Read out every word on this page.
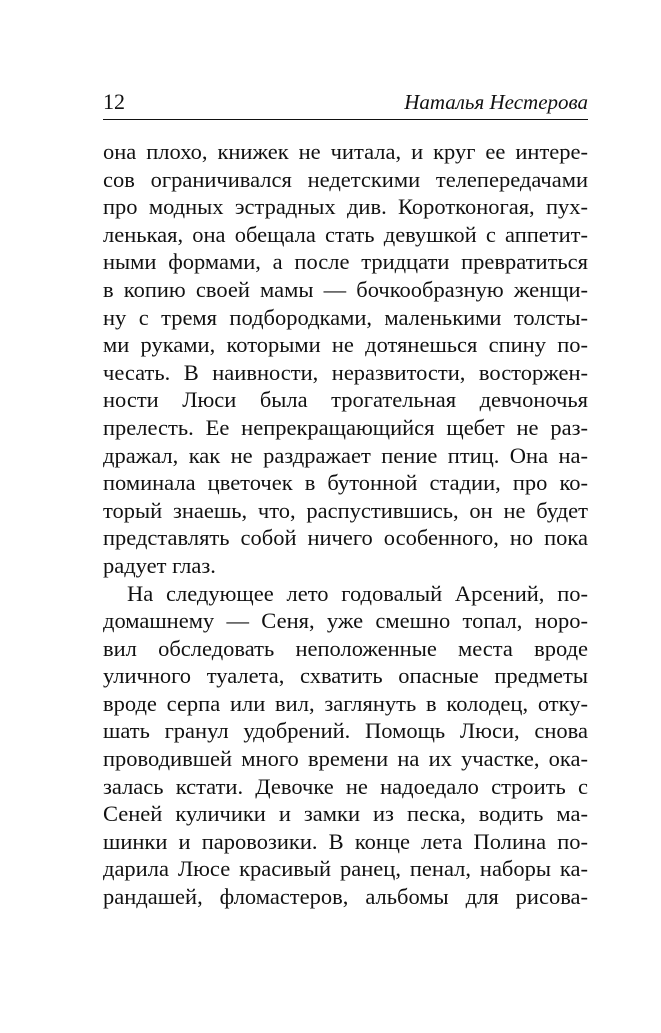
12	Наталья Нестерова
она плохо, книжек не читала, и круг ее интере-
сов ограничивался недетскими телепередачами
про модных эстрадных див. Коротконогая, пух-
ленькая, она обещала стать девушкой с аппетит-
ными формами, а после тридцати превратиться
в копию своей мамы — бочкообразную женщи-
ну с тремя подбородками, маленькими толсты-
ми руками, которыми не дотянешься спину по-
чесать. В наивности, неразвитости, восторжен-
ности Люси была трогательная девчоночья
прелесть. Ее непрекращающийся щебет не раз-
дражал, как не раздражает пение птиц. Она на-
поминала цветочек в бутонной стадии, про ко-
торый знаешь, что, распустившись, он не будет
представлять собой ничего особенного, но пока
радует глаз.
На следующее лето годовалый Арсений, по-
домашнему — Сеня, уже смешно топал, норо-
вил обследовать неположенные места вроде
уличного туалета, схватить опасные предметы
вроде серпа или вил, заглянуть в колодец, отку-
шать гранул удобрений. Помощь Люси, снова
проводившей много времени на их участке, ока-
залась кстати. Девочке не надоедало строить с
Сеней куличики и замки из песка, водить ма-
шинки и паровозики. В конце лета Полина по-
дарила Люсе красивый ранец, пенал, наборы ка-
рандашей, фломастеров, альбомы для рисова-
